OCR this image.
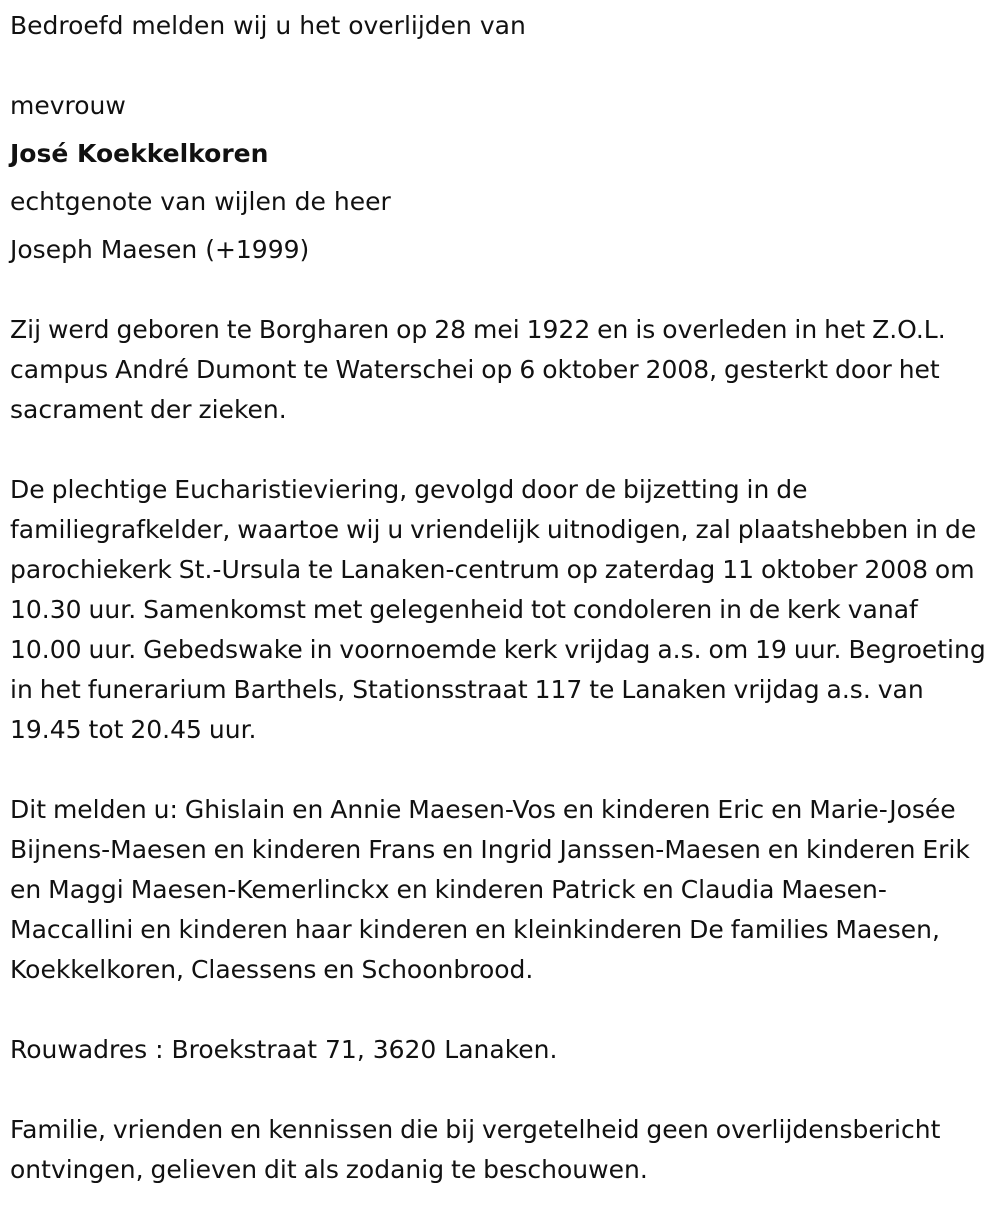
Bedroefd melden wij u het overlijden van

mevrouw

José Koekkelkoren

echtgenote van wijlen de heer

Joseph Maesen (+1999)

Zij werd geboren te Borgharen op 28 mei 1922 en is overleden in het Z.O.L. campus André Dumont te Waterschei op 6 oktober 2008, gesterkt door het sacrament der zieken.

De plechtige Eucharistieviering, gevolgd door de bijzetting in de familiegrafkelder, waartoe wij u vriendelijk uitnodigen, zal plaatshebben in de parochiekerk St.-Ursula te Lanaken-centrum op zaterdag 11 oktober 2008 om 10.30 uur. Samenkomst met gelegenheid tot condoleren in de kerk vanaf 10.00 uur. Gebedswake in voornoemde kerk vrijdag a.s. om 19 uur. Begroeting in het funerarium Barthels, Stationsstraat 117 te Lanaken vrijdag a.s. van 19.45 tot 20.45 uur.

Dit melden u: Ghislain en Annie Maesen-Vos en kinderen Eric en Marie-Josée Bijnens-Maesen en kinderen Frans en Ingrid Janssen-Maesen en kinderen Erik en Maggi Maesen-Kemerlinckx en kinderen Patrick en Claudia Maesen-Maccallini en kinderen haar kinderen en kleinkinderen De families Maesen, Koekkelkoren, Claessens en Schoonbrood.

Rouwadres : Broekstraat 71, 3620 Lanaken.

Familie, vrienden en kennissen die bij vergetelheid geen overlijdensbericht ontvingen, gelieven dit als zodanig te beschouwen.
